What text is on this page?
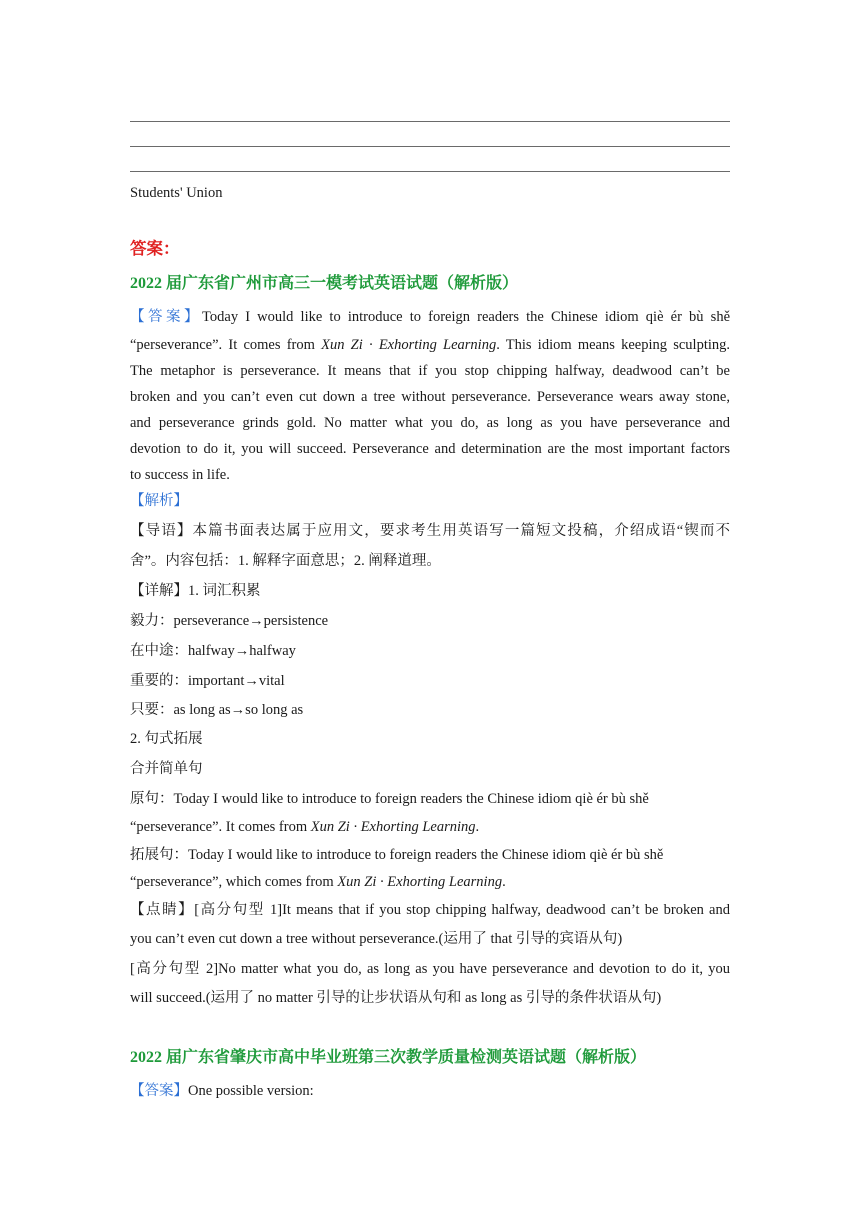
Students' Union
答案：
2022 届广东省广州市高三一模考试英语试题（解析版）
【答案】Today I would like to introduce to foreign readers the Chinese idiom qiè ér bù shě
“perseverance”. It comes from Xun Zi · Exhorting Learning. This idiom means keeping sculpting.
The metaphor is perseverance. It means that if you stop chipping halfway, deadwood can’t be
broken and you can’t even cut down a tree without perseverance. Perseverance wears away stone,
and perseverance grinds gold. No matter what you do, as long as you have perseverance and
devotion to do it, you will succeed. Perseverance and determination are the most important factors
to success in life.
【解析】
【导语】本篇书面表达属于应用文，要求考生用英语写一篇短文投稿，介绍成语“锲而不
舍”。内容包括：1. 解释字面意思；2. 阐释道理。
【详解】1. 词汇积累
毅力：perseverance→persistence
在中途：halfway→halfway
重要的：important→vital
只要：as long as→so long as
2. 句式拓展
合并简单句
原句：Today I would like to introduce to foreign readers the Chinese idiom qiè ér bù shě
“perseverance”. It comes from Xun Zi · Exhorting Learning.
拓展句：Today I would like to introduce to foreign readers the Chinese idiom qiè ér bù shě
“perseverance”, which comes from Xun Zi · Exhorting Learning.
【点睛】[高分句型 1]It means that if you stop chipping halfway, deadwood can’t be broken and
you can’t even cut down a tree without perseverance.(运用了 that 引导的宾语从句)
[高分句型 2]No matter what you do, as long as you have perseverance and devotion to do it, you
will succeed.(运用了 no matter 引导的让步状语从句和 as long as 引导的条件状语从句)
2022 届广东省肇庆市高中毕业班第三次教学质量检测英语试题（解析版）
【答案】One possible version:
